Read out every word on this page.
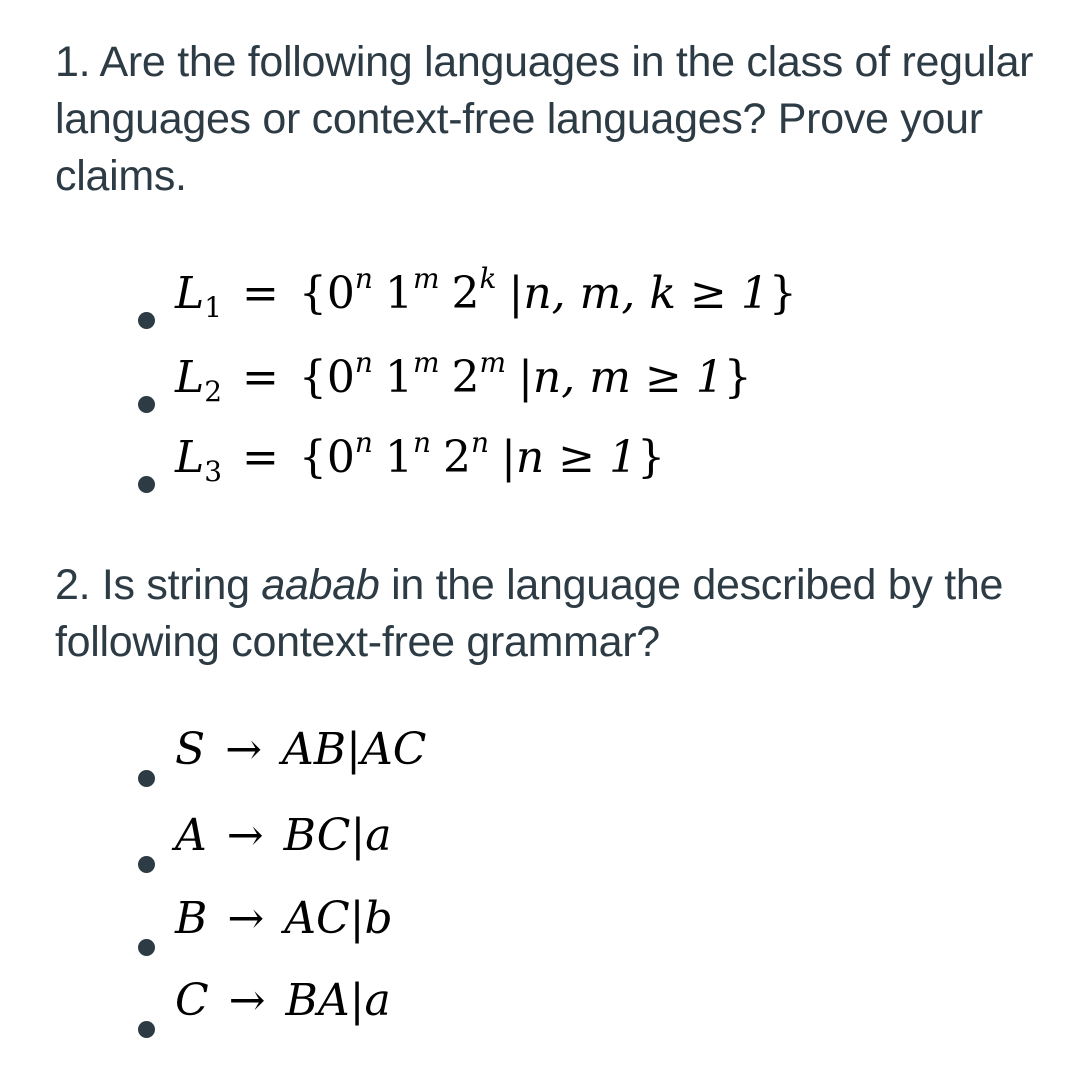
1. Are the following languages in the class of regular languages or context-free languages? Prove your claims.

$L_1 = \{0^n$ 1$^m$ 2$^k$ |n, m, k ≥ 1}
$L_2 = \{0^n$ 1$^m$ 2$^m$ |n, m ≥ 1}
$L_3 = \{0^n$ 1$^n$ 2$^n$ |n ≥ 1}

2. Is string aabab in the language described by the following context-free grammar?

S → AB|AC
A → BC|a
B → AC|b
C → BA|a
